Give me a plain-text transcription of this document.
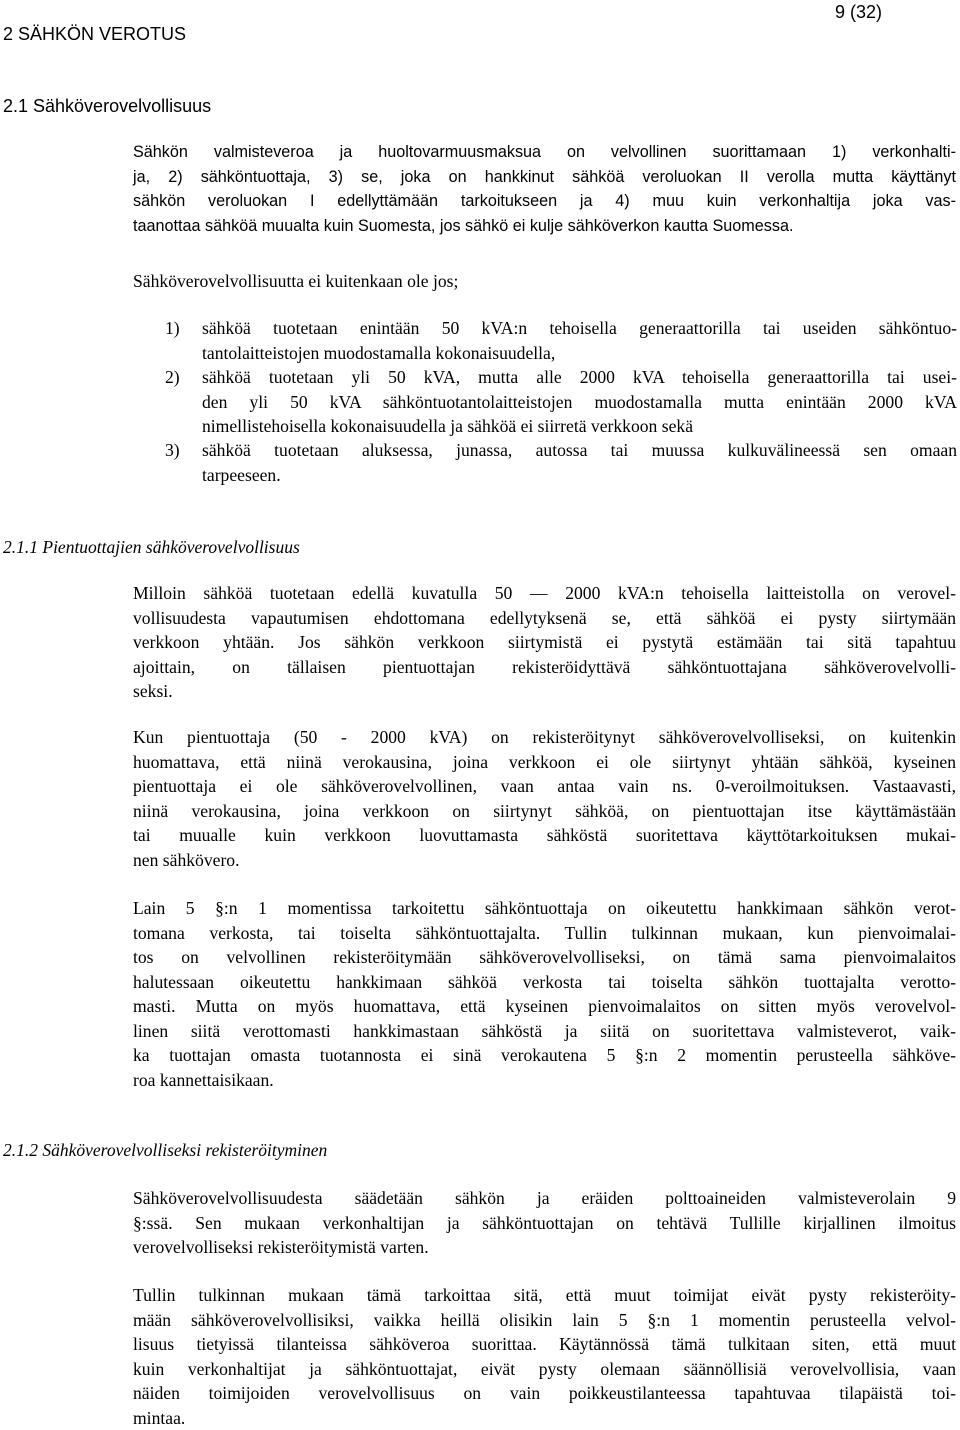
9 (32)
2 SÄHKÖN VEROTUS
2.1 Sähköverovelvollisuus
Sähkön valmisteveroa ja huoltovarmuusmaksua on velvollinen suorittamaan 1) verkonhalti-
ja, 2) sähköntuottaja, 3) se, joka on hankkinut sähköä veroluokan II verolla mutta käyttänyt
sähkön veroluokan I edellyttämään tarkoitukseen ja 4) muu kuin verkonhaltija joka vas-
taanottaa sähköä muualta kuin Suomesta, jos sähkö ei kulje sähköverkon kautta Suomessa.
Sähköverovelvollisuutta ei kuitenkaan ole jos;
1) sähköä tuotetaan enintään 50 kVA:n tehoisella generaattorilla tai useiden sähköntuo-
tantolaitteistojen muodostamalla kokonaisuudella,
2) sähköä tuotetaan yli 50 kVA, mutta alle 2000 kVA tehoisella generaattorilla tai usei-
den yli 50 kVA sähköntuotantolaitteistojen muodostamalla mutta enintään 2000 kVA
nimellistehoisella kokonaisuudella ja sähköä ei siirretä verkkoon sekä
3) sähköä tuotetaan aluksessa, junassa, autossa tai muussa kulkuvälineessä sen omaan
tarpeeseen.
2.1.1 Pientuottajien sähköverovelvollisuus
Milloin sähköä tuotetaan edellä kuvatulla 50 — 2000 kVA:n tehoisella laitteistolla on verovel-
vollisuudesta vapautumisen ehdottomana edellytyksenä se, että sähköä ei pysty siirtymään
verkkoon yhtään. Jos sähkön verkkoon siirtymistä ei pystytä estämään tai sitä tapahtuu
ajoittain, on tällaisen pientuottajan rekisteröidyttävä sähköntuottajana sähköverovelvolli-
seksi.
Kun pientuottaja (50 - 2000 kVA) on rekisteröitynyt sähköverovelvolliseksi, on kuitenkin
huomattava, että niinä verokausina, joina verkkoon ei ole siirtynyt yhtään sähköä, kyseinen
pientuottaja ei ole sähköverovelvollinen, vaan antaa vain ns. 0-veroilmoituksen. Vastaavasti,
niinä verokausina, joina verkkoon on siirtynyt sähköä, on pientuottajan itse käyttämästään
tai muualle kuin verkkoon luovuttamasta sähköstä suoritettava käyttötarkoituksen mukai-
nen sähkövero.
Lain 5 §:n 1 momentissa tarkoitettu sähköntuottaja on oikeutettu hankkimaan sähkön verot-
tomana verkosta, tai toiselta sähköntuottajalta. Tullin tulkinnan mukaan, kun pienvoimalai-
tos on velvollinen rekisteröitymään sähköverovelvolliseksi, on tämä sama pienvoimalaitos
halutessaan oikeutettu hankkimaan sähköä verkosta tai toiselta sähkön tuottajalta verotto-
masti. Mutta on myös huomattava, että kyseinen pienvoimalaitos on sitten myös verovelvol-
linen siitä verottomasti hankkimastaan sähköstä ja siitä on suoritettava valmisteverot, vaik-
ka tuottajan omasta tuotannosta ei sinä verokautena 5 §:n 2 momentin perusteella sähköve-
roa kannettaisikaan.
2.1.2 Sähköverovelvolliseksi rekisteröityminen
Sähköverovelvollisuudesta säädetään sähkön ja eräiden polttoaineiden valmisteverolain 9
§:ssä. Sen mukaan verkonhaltijan ja sähköntuottajan on tehtävä Tullille kirjallinen ilmoitus
verovelvolliseksi rekisteröitymistä varten.
Tullin tulkinnan mukaan tämä tarkoittaa sitä, että muut toimijat eivät pysty rekisteröity-
mään sähköverovelvollisiksi, vaikka heillä olisikin lain 5 §:n 1 momentin perusteella velvol-
lisuus tietyissä tilanteissa sähköveroa suorittaa. Käytännössä tämä tulkitaan siten, että muut
kuin verkonhaltijat ja sähköntuottajat, eivät pysty olemaan säännöllisiä verovelvollisia, vaan
näiden toimijoiden verovelvollisuus on vain poikkeustilanteessa tapahtuvaa tilapäistä toi-
mintaa.
